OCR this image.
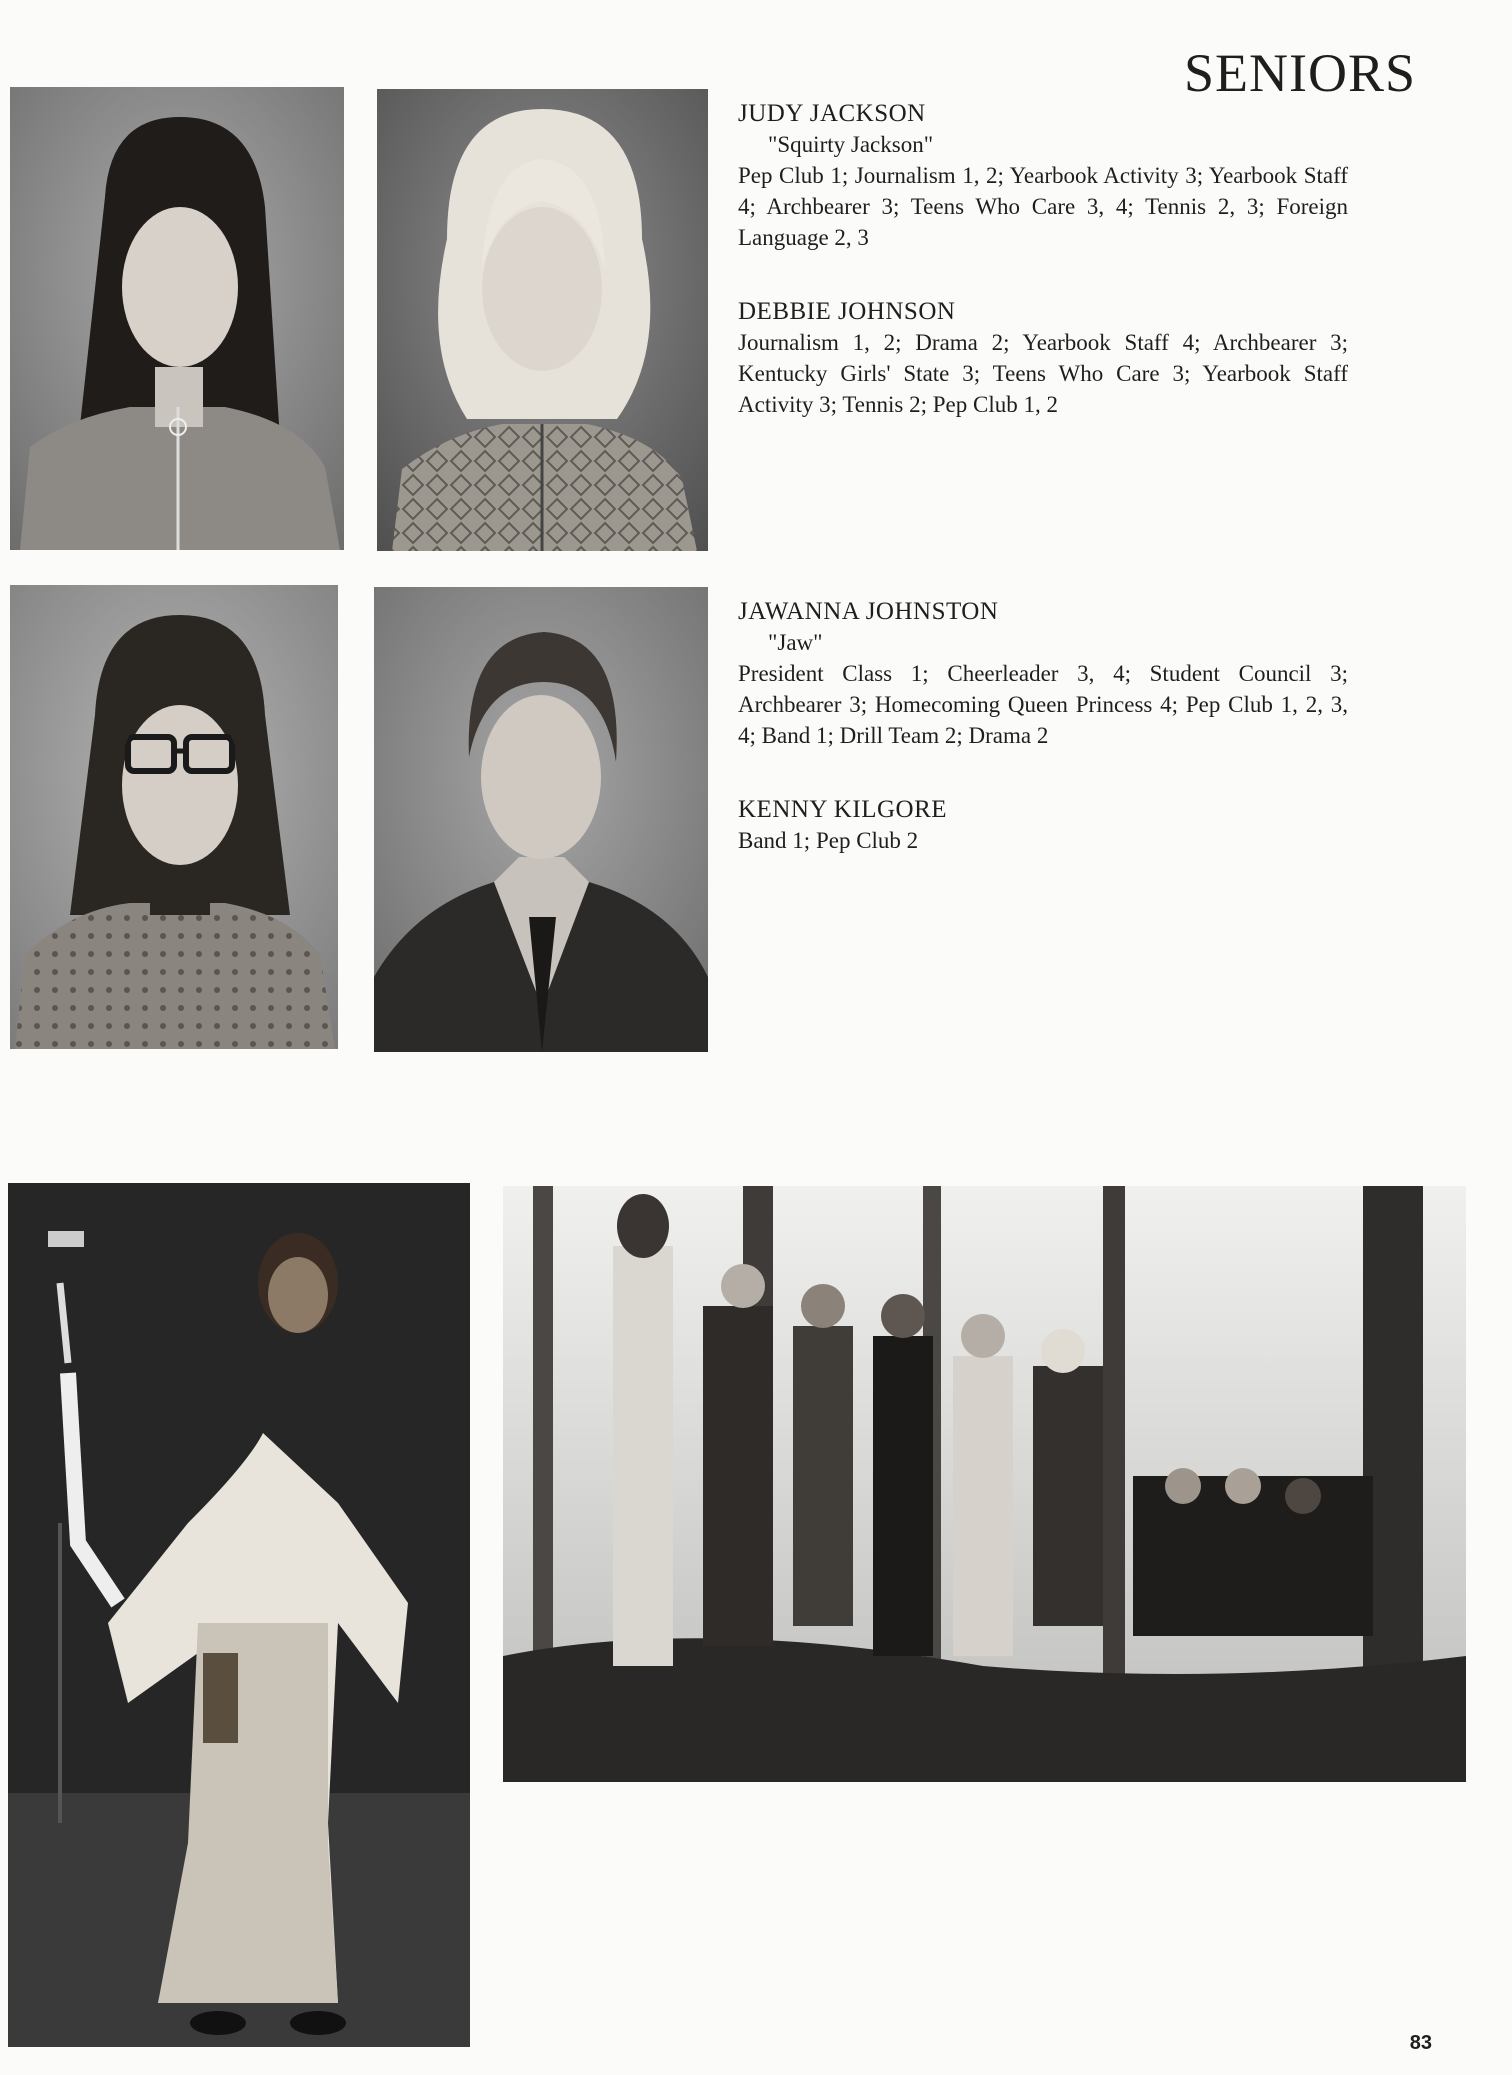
SENIORS
JUDY JACKSON
"Squirty Jackson"
Pep Club 1; Journalism 1, 2; Yearbook Activity 3; Yearbook Staff 4; Archbearer 3; Teens Who Care 3, 4; Tennis 2, 3; Foreign Language 2, 3
DEBBIE JOHNSON
Journalism 1, 2; Drama 2; Yearbook Staff 4; Archbearer 3; Kentucky Girls' State 3; Teens Who Care 3; Yearbook Staff Activity 3; Tennis 2; Pep Club 1, 2
JAWANNA JOHNSTON
"Jaw"
President Class 1; Cheerleader 3, 4; Student Council 3; Archbearer 3; Homecoming Queen Princess 4; Pep Club 1, 2, 3, 4; Band 1; Drill Team 2; Drama 2
KENNY KILGORE
Band 1; Pep Club 2
83
